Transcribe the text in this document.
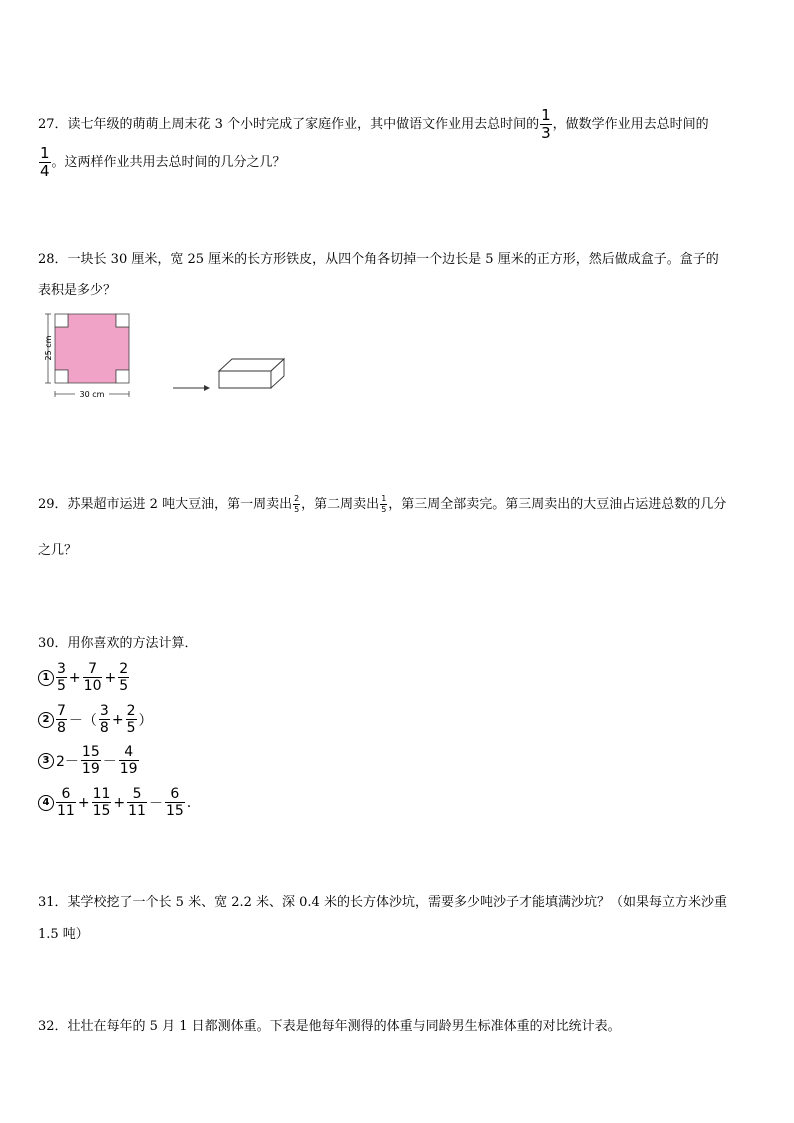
27．读七年级的萌萌上周末花 3 个小时完成了家庭作业，其中做语文作业用去总时间的 $\frac{1}{3}$ ，做数学作业用去总时间的
$\frac{1}{4}$ 。这两样作业共用去总时间的几分之几？
28．一块长 30 厘米，宽 25 厘米的长方形铁皮，从四个角各切掉一个边长是 5 厘米的正方形，然后做成盒子。盒子的
表积是多少？
25 cm
30 cm
29．苏果超市运进 2 吨大豆油，第一周卖出 $\frac{2}{5}$ ，第二周卖出 $\frac{1}{5}$ ，第三周全部卖完。第三周卖出的大豆油占运进总数的几分
之几？
30．用你喜欢的方法计算．
$1 \frac{3}{5} + \frac{7}{10} + \frac{2}{5}$
$2 \frac{7}{8}$ －（ $\frac{3}{8} + \frac{2}{5}$ ）
3 $2- \frac{15}{19} - \frac{4}{19}$
$4 \frac{6}{11} + \frac{11}{15} + \frac{5}{11} - \frac{6}{15}$ .
31．某学校挖了一个长 5 米、宽 2.2 米、深 0.4 米的长方体沙坑，需要多少吨沙子才能填满沙坑？（如果每立方米沙重
1.5 吨）
32．壮壮在每年的 5 月 1 日都测体重。下表是他每年测得的体重与同龄男生标准体重的对比统计表。
